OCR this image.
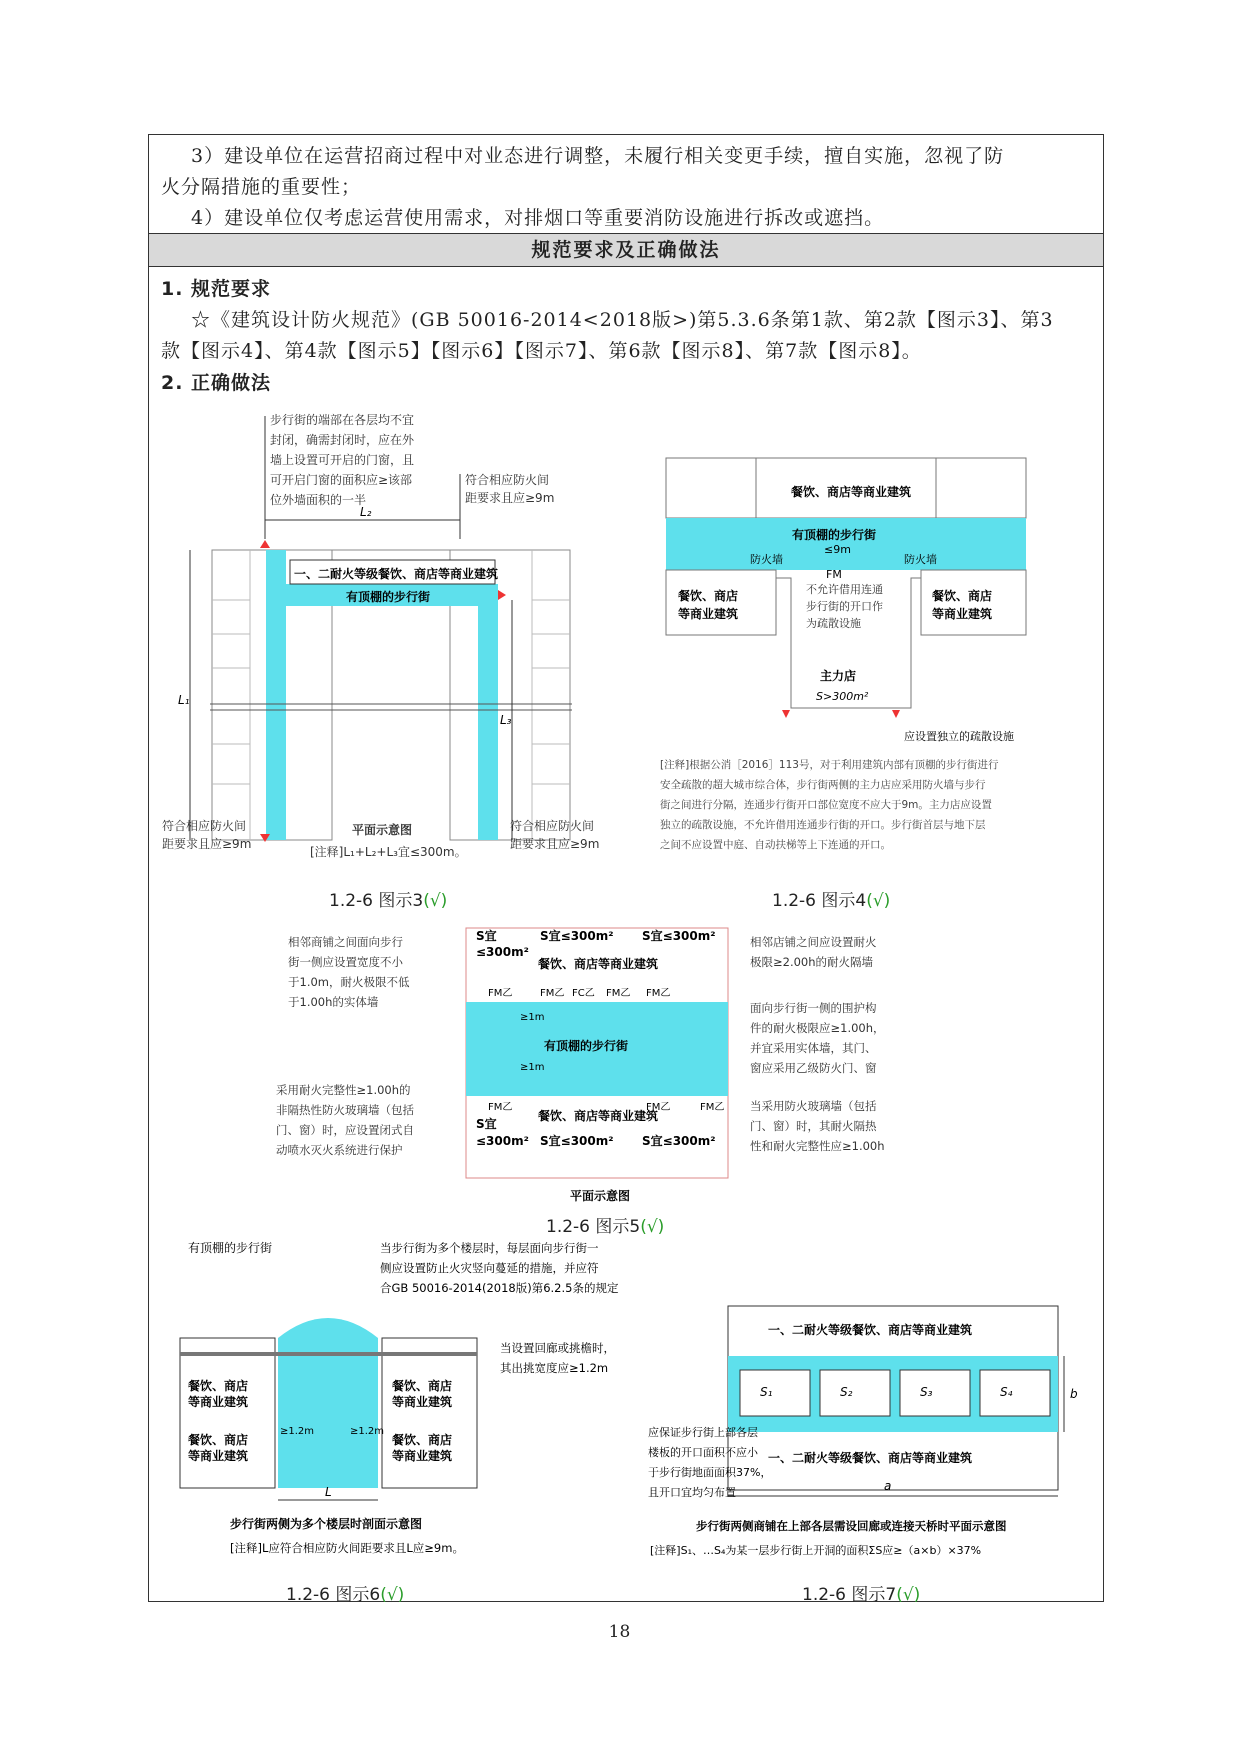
3）建设单位在运营招商过程中对业态进行调整，未履行相关变更手续，擅自实施，忽视了防
火分隔措施的重要性；
4）建设单位仅考虑运营使用需求，对排烟口等重要消防设施进行拆改或遮挡。
规范要求及正确做法
1. 规范要求
☆《建筑设计防火规范》(GB 50016-2014<2018版>)第5.3.6条第1款、第2款【图示3】、第3
款【图示4】、第4款【图示5】【图示6】【图示7】、第6款【图示8】、第7款【图示8】。
2. 正确做法
步行街的端部在各层均不宜
封闭，确需封闭时，应在外
墙上设置可开启的门窗，且
可开启门窗的面积应≥该部
位外墙面积的一半
符合相应防火间
距要求且应≥9m
L₂
一、二耐火等级餐饮、商店等商业建筑
有顶棚的步行街
L₁
L₃
符合相应防火间
距要求且应≥9m
符合相应防火间
距要求且应≥9m
平面示意图
[注释]L₁+L₂+L₃宜≤300m。
1.2-6 图示3(√)
餐饮、商店等商业建筑
有顶棚的步行街
≤9m
防火墙	防火墙
FM
不允许借用连通
步行街的开口作
为疏散设施
餐饮、商店
等商业建筑
餐饮、商店
等商业建筑
主力店
S>300m²
应设置独立的疏散设施
[注释]根据公消［2016］113号，对于利用建筑内部有顶棚的步行街进行
安全疏散的超大城市综合体，步行街两侧的主力店应采用防火墙与步行
街之间进行分隔，连通步行街开口部位宽度不应大于9m。主力店应设置
独立的疏散设施，不允许借用连通步行街的开口。步行街首层与地下层
之间不应设置中庭、自动扶梯等上下连通的开口。
1.2-6 图示4(√)
S宜
≤300m²
S宜≤300m² S宜≤300m²
餐饮、商店等商业建筑
有顶棚的步行街
餐饮、商店等商业建筑
S宜
≤300m² S宜≤300m² S宜≤300m²
FM乙	FM乙 FC乙 FM乙 FM乙
FM乙	FM乙	FM乙
≥1m
≥1m
相邻商铺之间面向步行
街一侧应设置宽度不小
于1.0m，耐火极限不低
于1.00h的实体墙
采用耐火完整性≥1.00h的
非隔热性防火玻璃墙（包括
门、窗）时，应设置闭式自
动喷水灭火系统进行保护
相邻店铺之间应设置耐火
极限≥2.00h的耐火隔墙
面向步行街一侧的围护构
件的耐火极限应≥1.00h，
并宜采用实体墙，其门、
窗应采用乙级防火门、窗
当采用防火玻璃墙（包括
门、窗）时，其耐火隔热
性和耐火完整性应≥1.00h
平面示意图
1.2-6 图示5(√)
有顶棚的步行街	当步行街为多个楼层时，每层面向步行街一
侧应设置防止火灾竖向蔓延的措施，并应符
合GB 50016-2014(2018版)第6.2.5条的规定
当设置回廊或挑檐时，
其出挑宽度应≥1.2m
餐饮、商店
等商业建筑
餐饮、商店
等商业建筑
餐饮、商店
等商业建筑
餐饮、商店
等商业建筑
≥1.2m	≥1.2m
L
步行街两侧为多个楼层时剖面示意图
[注释]L应符合相应防火间距要求且L应≥9m。
1.2-6 图示6(√)
一、二耐火等级餐饮、商店等商业建筑
一、二耐火等级餐饮、商店等商业建筑
S₁	S₂	S₃	S₄	b
a
应保证步行街上部各层
楼板的开口面积不应小
于步行街地面面积37%，
且开口宜均匀布置
步行街两侧商铺在上部各层需设回廊或连接天桥时平面示意图
[注释]S₁、…S₄为某一层步行街上开洞的面积ΣS应≥（a×b）×37%
1.2-6 图示7(√)
18
